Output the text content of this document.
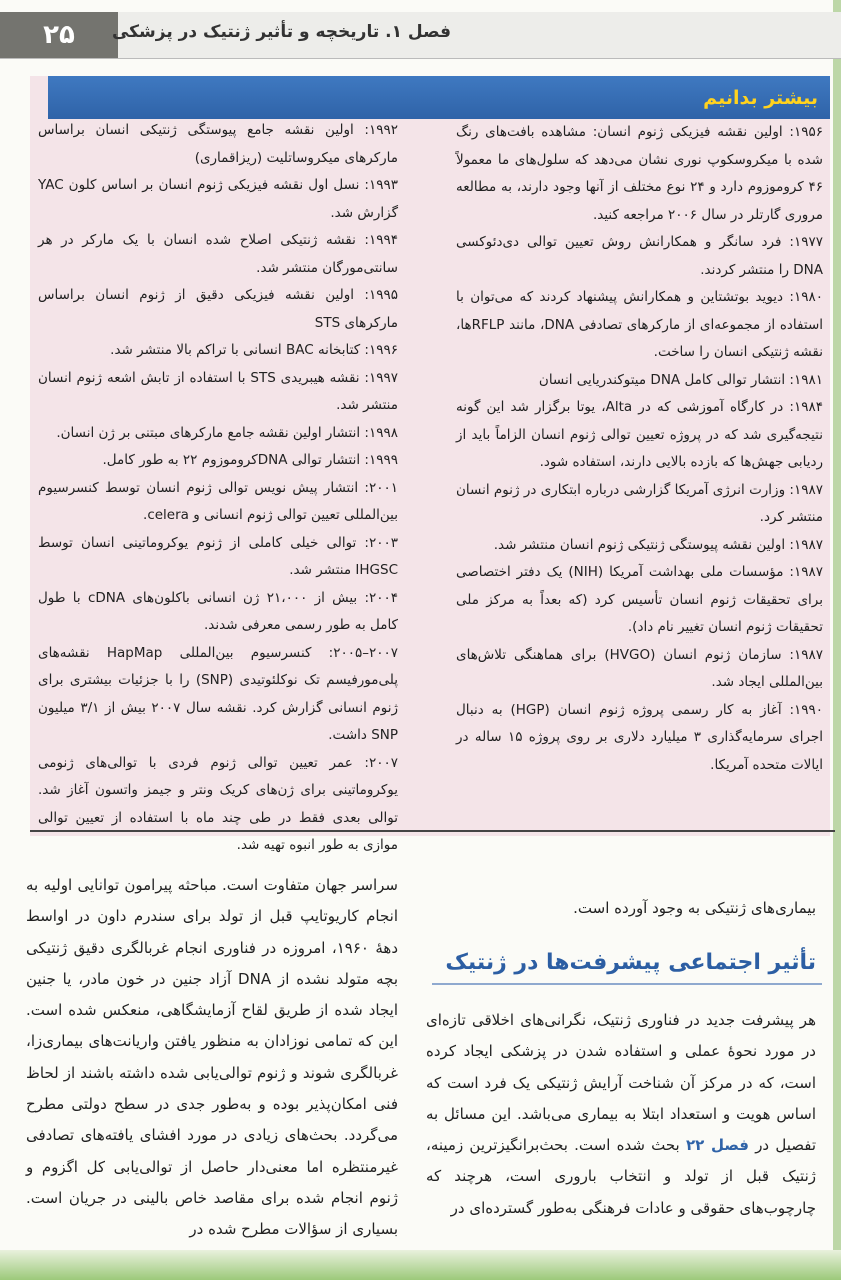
۲۵	فصل ۱. تاریخچه و تأثیر ژنتیک در پزشکی
بیشتر بدانیم

۱۹۵۶: اولین نقشه فیزیکی ژنوم انسان: مشاهده بافت‌های رنگ شده با میکروسکوپ نوری نشان می‌دهد که سلول‌های ما معمولاً ۴۶ کروموزوم دارد و ۲۴ نوع مختلف از آنها وجود دارند، به مطالعه مروری گارتلر در سال ۲۰۰۶ مراجعه کنید.

۱۹۷۷: فرد سانگر و همکارانش روش تعیین توالی دی‌دئوکسی DNA را منتشر کردند.

۱۹۸۰: دیوید بوتشتاین و همکارانش پیشنهاد کردند که می‌توان با استفاده از مجموعه‌ای از مارکرهای تصادفی DNA، مانند RFLPها، نقشه ژنتیکی انسان را ساخت.

۱۹۸۱: انتشار توالی کامل DNA میتوکندریایی انسان

۱۹۸۴: در کارگاه آموزشی که در Alta، یوتا برگزار شد این گونه نتیجه‌گیری شد که در پروژه تعیین توالی ژنوم انسان الزاماً باید از ردیابی جهش‌ها که بازده بالایی دارند، استفاده شود.

۱۹۸۷: وزارت انرژی آمریکا گزارشی درباره ابتکاری در ژنوم انسان منتشر کرد.

۱۹۸۷: اولین نقشه پیوستگی ژنتیکی ژنوم انسان منتشر شد.

۱۹۸۷: مؤسسات ملی بهداشت آمریکا (NIH) یک دفتر اختصاصی برای تحقیقات ژنوم انسان تأسیس کرد (که بعداً به مرکز ملی تحقیقات ژنوم انسان تغییر نام داد).

۱۹۸۷: سازمان ژنوم انسان (HVGO) برای هماهنگی تلاش‌های بین‌المللی ایجاد شد.

۱۹۹۰: آغاز به کار رسمی پروژه ژنوم انسان (HGP) به دنبال اجرای سرمایه‌گذاری ۳ میلیارد دلاری بر روی پروژه ۱۵ ساله در ایالات متحده آمریکا.

۱۹۹۲: اولین نقشه جامع پیوستگی ژنتیکی انسان براساس مارکرهای میکروساتلیت (ریزاقماری)

۱۹۹۳: نسل اول نقشه فیزیکی ژنوم انسان بر اساس کلون YAC گزارش شد.

۱۹۹۴: نقشه ژنتیکی اصلاح شده انسان با یک مارکر در هر سانتی‌مورگان منتشر شد.

۱۹۹۵: اولین نقشه فیزیکی دقیق از ژنوم انسان براساس مارکرهای STS

۱۹۹۶: کتابخانه BAC انسانی با تراکم بالا منتشر شد.

۱۹۹۷: نقشه هیبریدی STS با استفاده از تابش اشعه ژنوم انسان منتشر شد.

۱۹۹۸: انتشار اولین نقشه جامع مارکرهای مبتنی بر ژن انسان.

۱۹۹۹: انتشار توالی DNAکروموزوم ۲۲ به طور کامل.

۲۰۰۱: انتشار پیش نویس توالی ژنوم انسان توسط کنسرسیوم بین‌المللی تعیین توالی ژنوم انسانی و celera.

۲۰۰۳: توالی خیلی کاملی از ژنوم یوکروماتینی انسان توسط IHGSC منتشر شد.

۲۰۰۴: بیش از ۲۱،۰۰۰ ژن انسانی باکلون‌های cDNA با طول کامل به طور رسمی معرفی شدند.

۲۰۰۷–۲۰۰۵: کنسرسیوم بین‌المللی HapMap نقشه‌های پلی‌مورفیسم تک نوکلئوتیدی (SNP) را با جزئیات بیشتری برای ژنوم انسانی گزارش کرد. نقشه سال ۲۰۰۷ بیش از ۳/۱ میلیون SNP داشت.

۲۰۰۷: عمر تعیین توالی ژنوم فردی با توالی‌های ژنومی یوکروماتینی برای ژن‌های کریک ونتر و جیمز واتسون آغاز شد. توالی بعدی فقط در طی چند ماه با استفاده از تعیین توالی موازی به طور انبوه تهیه شد.

بیماری‌های ژنتیکی به وجود آورده است.

تأثیر اجتماعی پیشرفت‌ها در ژنتیک

هر پیشرفت جدید در فناوری ژنتیک، نگرانی‌های اخلاقی تازه‌ای در مورد نحوهٔ عملی و استفاده شدن در پزشکی ایجاد کرده است، که در مرکز آن شناخت آرایش ژنتیکی یک فرد است که اساس هویت و استعداد ابتلا به بیماری می‌باشد. این مسائل به تفصیل در فصل ۲۲ بحث شده است. بحث‌برانگیزترین زمینه، ژنتیک قبل از تولد و انتخاب باروری است، هرچند که چارچوب‌های حقوقی و عادات فرهنگی به‌طور گسترده‌ای در

سراسر جهان متفاوت است. مباحثه پیرامون توانایی اولیه به انجام کاریوتایپ قبل از تولد برای سندرم داون در اواسط دههٔ ۱۹۶۰، امروزه در فناوری انجام غربالگری دقیق ژنتیکی بچه متولد نشده از DNA آزاد جنین در خون مادر، یا جنین ایجاد شده از طریق لقاح آزمایشگاهی، منعکس شده است. این که تمامی نوزادان به منظور یافتن واریانت‌های بیماری‌زا، غربالگری شوند و ژنوم توالی‌یابی شده داشته باشند از لحاظ فنی امکان‌پذیر بوده و به‌طور جدی در سطح دولتی مطرح می‌گردد. بحث‌های زیادی در مورد افشای یافته‌های تصادفی غیرمنتظره اما معنی‌دار حاصل از توالی‌یابی کل اگزوم و ژنوم انجام شده برای مقاصد خاص بالینی در جریان است. بسیاری از سؤالات مطرح شده در
